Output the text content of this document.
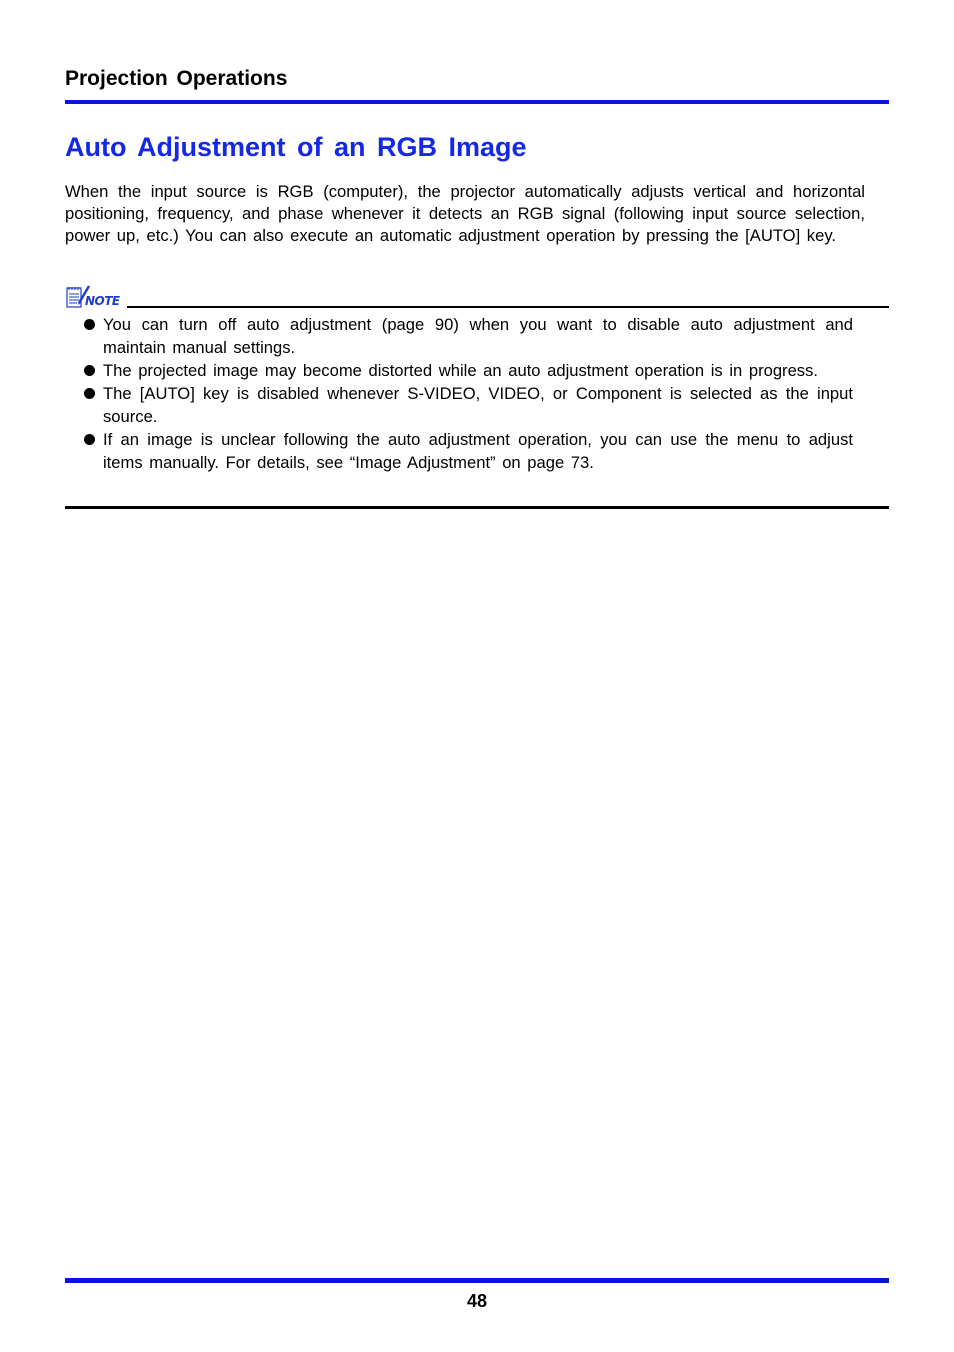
Projection Operations
Auto Adjustment of an RGB Image

When the input source is RGB (computer), the projector automatically adjusts vertical and horizontal positioning, frequency, and phase whenever it detects an RGB signal (following input source selection, power up, etc.) You can also execute an automatic adjustment operation by pressing the [AUTO] key.

NOTE
You can turn off auto adjustment (page 90) when you want to disable auto adjustment and maintain manual settings.
The projected image may become distorted while an auto adjustment operation is in progress.
The [AUTO] key is disabled whenever S-VIDEO, VIDEO, or Component is selected as the input source.
If an image is unclear following the auto adjustment operation, you can use the menu to adjust items manually. For details, see “Image Adjustment” on page 73.
48
